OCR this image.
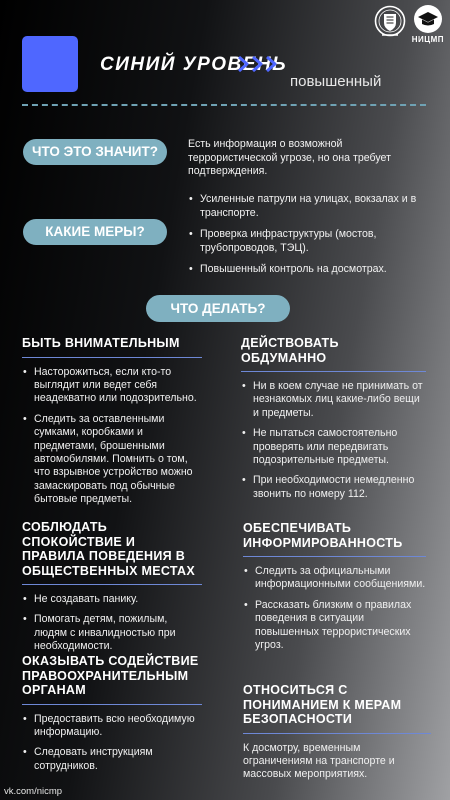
НИЦМП
СИНИЙ УРОВЕНЬ
повышенный
ЧТО ЭТО ЗНАЧИТ?	Есть информация о возможной террористической угрозе, но она требует подтверждения.
КАКИЕ МЕРЫ?
• Усиленные патрули на улицах, вокзалах и в транспорте.
• Проверка инфраструктуры (мостов, трубопроводов, ТЭЦ).
• Повышенный контроль на досмотрах.
ЧТО ДЕЛАТЬ?
БЫТЬ ВНИМАТЕЛЬНЫМ
• Насторожиться, если кто-то выглядит или ведет себя неадекватно или подозрительно.
• Следить за оставленными сумками, коробками и предметами, брошенными автомобилями. Помнить о том, что взрывное устройство можно замаскировать под обычные бытовые предметы.
ДЕЙСТВОВАТЬ ОБДУМАННО
• Ни в коем случае не принимать от незнакомых лиц какие-либо вещи и предметы.
• Не пытаться самостоятельно проверять или передвигать подозрительные предметы.
• При необходимости немедленно звонить по номеру 112.
СОБЛЮДАТЬ СПОКОЙСТВИЕ И ПРАВИЛА ПОВЕДЕНИЯ В ОБЩЕСТВЕННЫХ МЕСТАХ
• Не создавать панику.
• Помогать детям, пожилым, людям с инвалидностью при необходимости.
ОБЕСПЕЧИВАТЬ ИНФОРМИРОВАННОСТЬ
• Следить за официальными информационными сообщениями.
• Рассказать близким о правилах поведения в ситуации повышенных террористических угроз.
ОКАЗЫВАТЬ СОДЕЙСТВИЕ ПРАВООХРАНИТЕЛЬНЫМ ОРГАНАМ
• Предоставить всю необходимую информацию.
• Следовать инструкциям сотрудников.
ОТНОСИТЬСЯ С ПОНИМАНИЕМ К МЕРАМ БЕЗОПАСНОСТИ
К досмотру, временным ограничениям на транспорте и массовых мероприятиях.
vk.com/nicmp
